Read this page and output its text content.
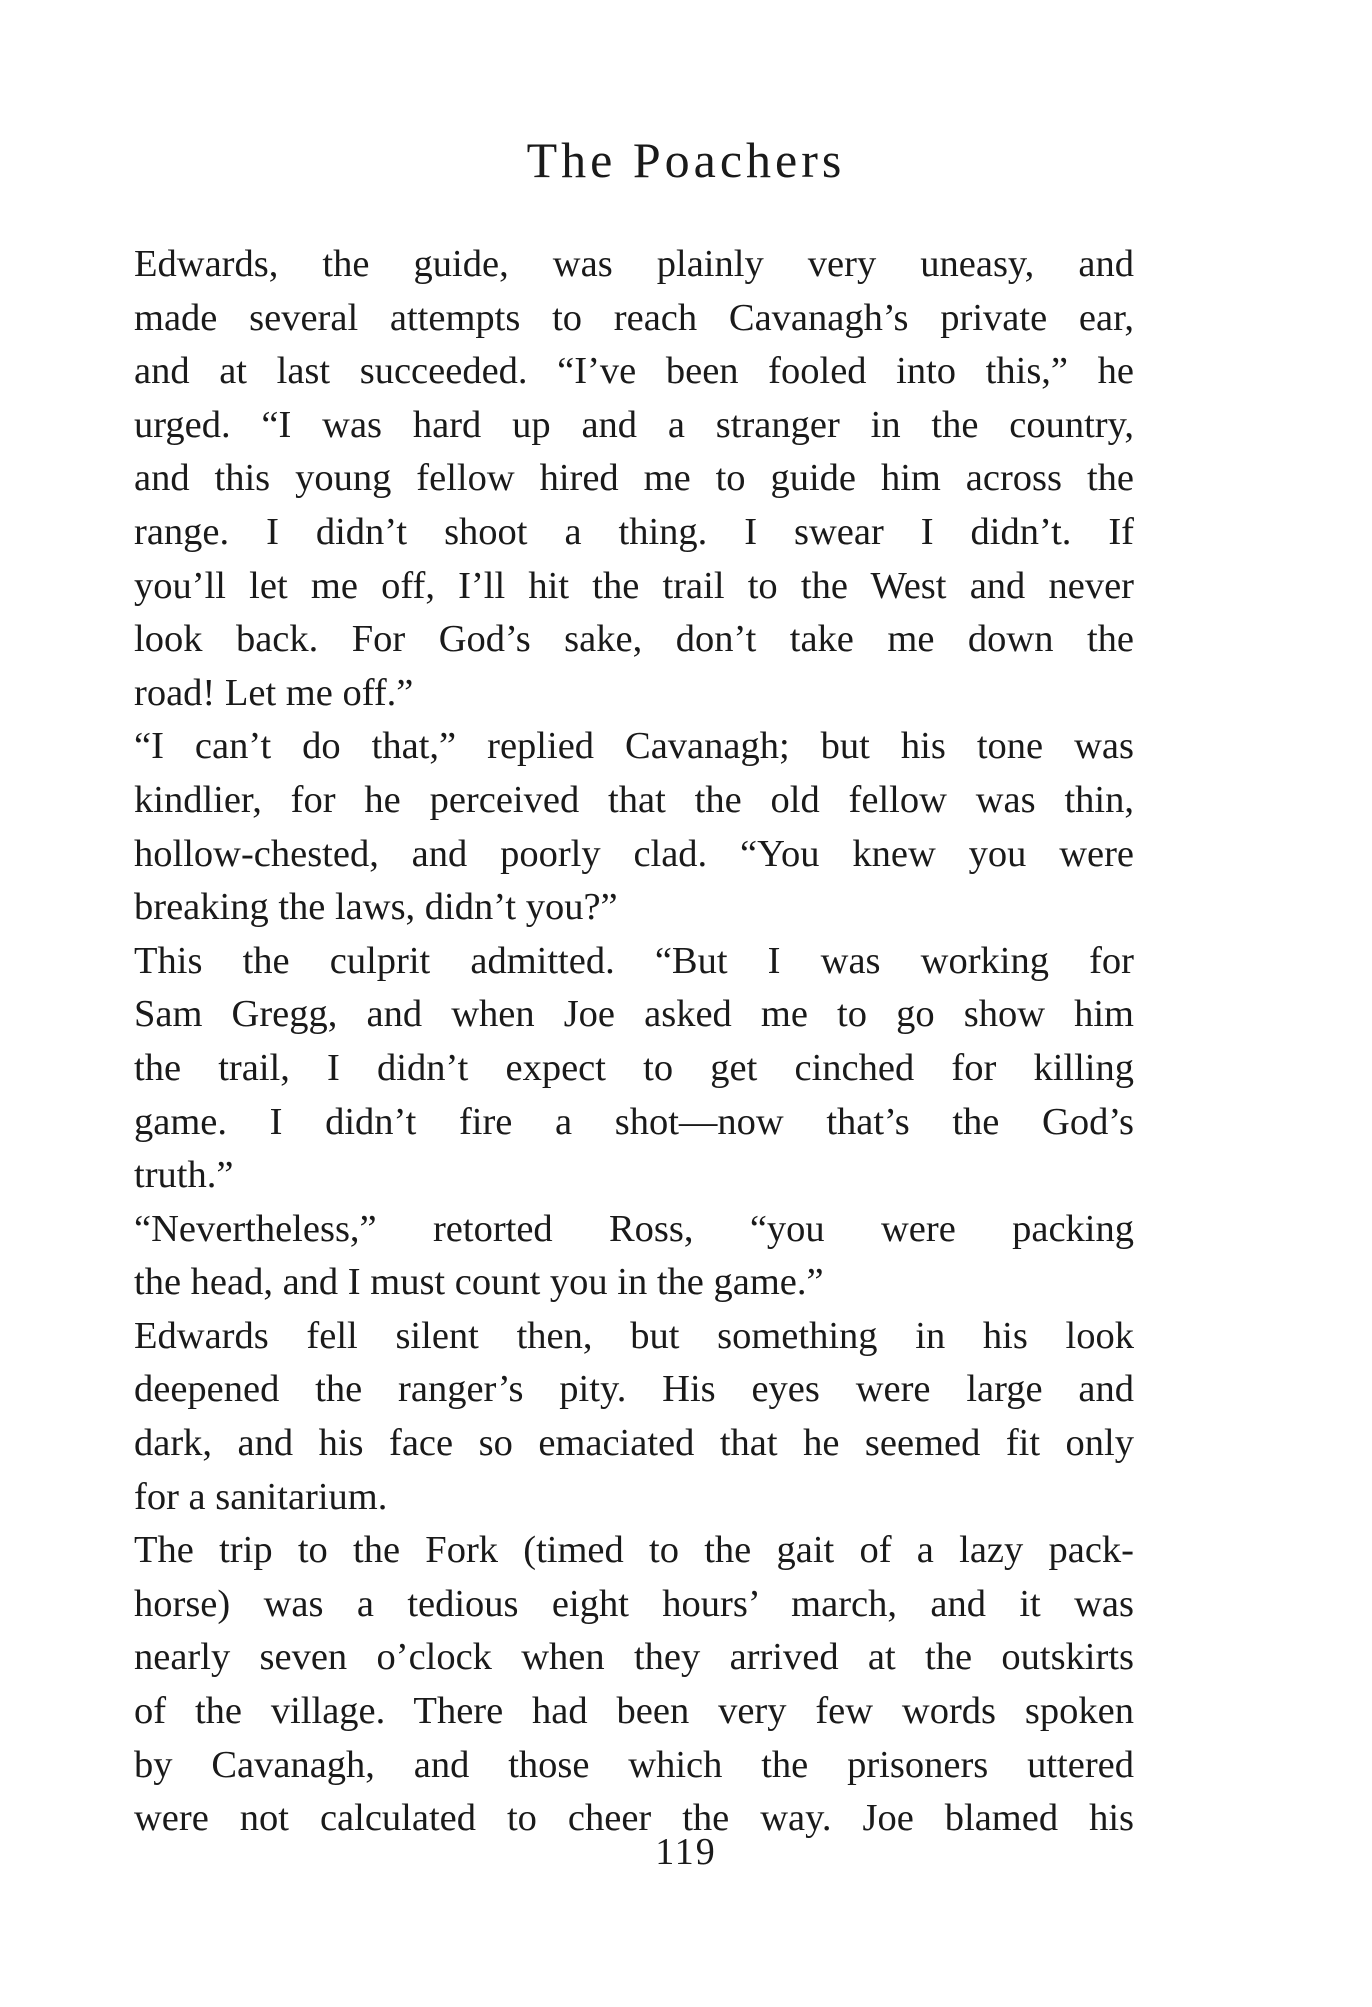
The Poachers
Edwards, the guide, was plainly very uneasy, and
made several attempts to reach Cavanagh’s private ear,
and at last succeeded. “I’ve been fooled into this,” he
urged. “I was hard up and a stranger in the country,
and this young fellow hired me to guide him across the
range. I didn’t shoot a thing. I swear I didn’t. If
you’ll let me off, I’ll hit the trail to the West and never
look back. For God’s sake, don’t take me down the
road! Let me off.”
“I can’t do that,” replied Cavanagh; but his tone was
kindlier, for he perceived that the old fellow was thin,
hollow-chested, and poorly clad. “You knew you were
breaking the laws, didn’t you?”
This the culprit admitted. “But I was working for
Sam Gregg, and when Joe asked me to go show him
the trail, I didn’t expect to get cinched for killing
game. I didn’t fire a shot—now that’s the God’s
truth.”
“Nevertheless,” retorted Ross, “you were packing
the head, and I must count you in the game.”
Edwards fell silent then, but something in his look
deepened the ranger’s pity. His eyes were large and
dark, and his face so emaciated that he seemed fit only
for a sanitarium.
The trip to the Fork (timed to the gait of a lazy pack-
horse) was a tedious eight hours’ march, and it was
nearly seven o’clock when they arrived at the outskirts
of the village. There had been very few words spoken
by Cavanagh, and those which the prisoners uttered
were not calculated to cheer the way. Joe blamed his
119
